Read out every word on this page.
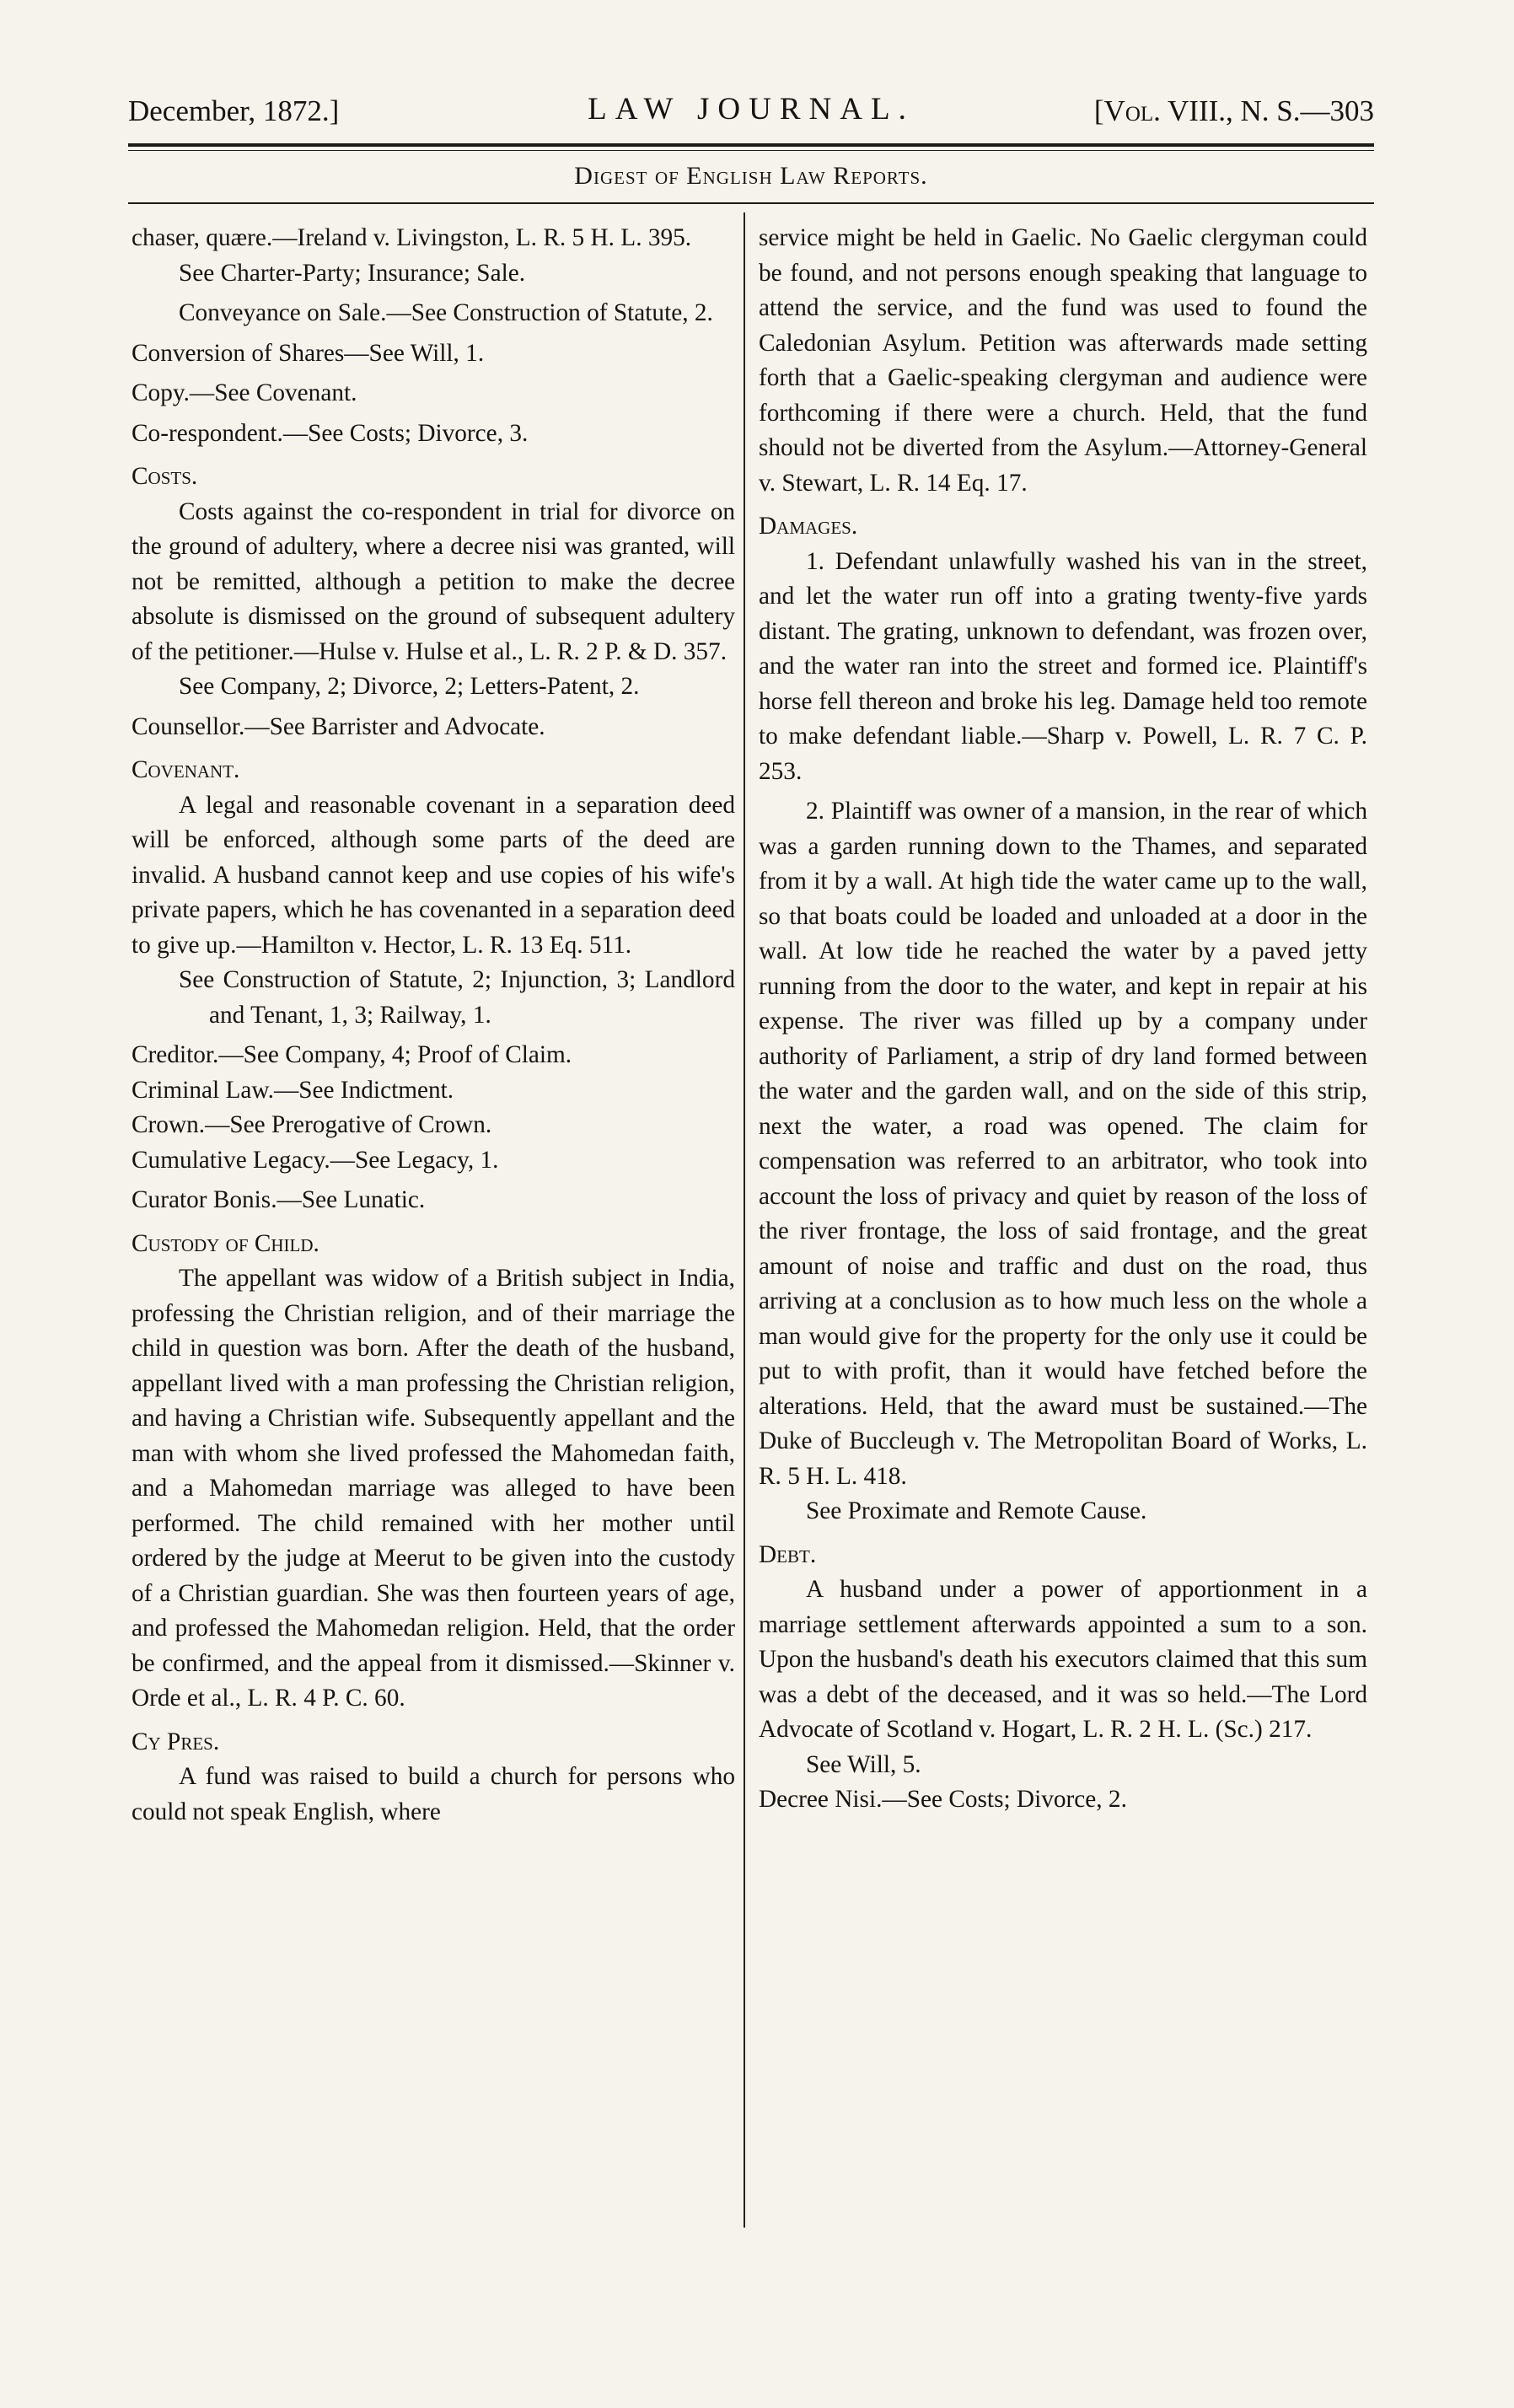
December, 1872.]	LAW JOURNAL.	[Vol. VIII., N. S.—303
Digest of English Law Reports.

chaser, quære.—Ireland v. Livingston, L. R. 5 H. L. 395.

See Charter-Party; Insurance; Sale.

Conveyance on Sale.—See Construction of Statute, 2.

Conversion of Shares—See Will, 1.

Copy.—See Covenant.

Co-respondent.—See Costs; Divorce, 3.

Costs.

Costs against the co-respondent in trial for divorce on the ground of adultery, where a decree nisi was granted, will not be remitted, although a petition to make the decree absolute is dismissed on the ground of subsequent adultery of the petitioner.—Hulse v. Hulse et al., L. R. 2 P. & D. 357.

See Company, 2; Divorce, 2; Letters-Patent, 2.

Counsellor.—See Barrister and Advocate.

Covenant.

A legal and reasonable covenant in a separation deed will be enforced, although some parts of the deed are invalid. A husband cannot keep and use copies of his wife's private papers, which he has covenanted in a separation deed to give up.—Hamilton v. Hector, L. R. 13 Eq. 511.

See Construction of Statute, 2; Injunction, 3; Landlord and Tenant, 1, 3; Railway, 1.

Creditor.—See Company, 4; Proof of Claim.

Criminal Law.—See Indictment.

Crown.—See Prerogative of Crown.

Cumulative Legacy.—See Legacy, 1.

Curator Bonis.—See Lunatic.

Custody of Child.

The appellant was widow of a British subject in India, professing the Christian religion, and of their marriage the child in question was born. After the death of the husband, appellant lived with a man professing the Christian religion, and having a Christian wife. Subsequently appellant and the man with whom she lived professed the Mahomedan faith, and a Mahomedan marriage was alleged to have been performed. The child remained with her mother until ordered by the judge at Meerut to be given into the custody of a Christian guardian. She was then fourteen years of age, and professed the Mahomedan religion. Held, that the order be confirmed, and the appeal from it dismissed.—Skinner v. Orde et al., L. R. 4 P. C. 60.

Cy Pres.

A fund was raised to build a church for persons who could not speak English, where

service might be held in Gaelic. No Gaelic clergyman could be found, and not persons enough speaking that language to attend the service, and the fund was used to found the Caledonian Asylum. Petition was afterwards made setting forth that a Gaelic-speaking clergyman and audience were forthcoming if there were a church. Held, that the fund should not be diverted from the Asylum.—Attorney-General v. Stewart, L. R. 14 Eq. 17.

Damages.

1. Defendant unlawfully washed his van in the street, and let the water run off into a grating twenty-five yards distant. The grating, unknown to defendant, was frozen over, and the water ran into the street and formed ice. Plaintiff's horse fell thereon and broke his leg. Damage held too remote to make defendant liable.—Sharp v. Powell, L. R. 7 C. P. 253.

2. Plaintiff was owner of a mansion, in the rear of which was a garden running down to the Thames, and separated from it by a wall. At high tide the water came up to the wall, so that boats could be loaded and unloaded at a door in the wall. At low tide he reached the water by a paved jetty running from the door to the water, and kept in repair at his expense. The river was filled up by a company under authority of Parliament, a strip of dry land formed between the water and the garden wall, and on the side of this strip, next the water, a road was opened. The claim for compensation was referred to an arbitrator, who took into account the loss of privacy and quiet by reason of the loss of the river frontage, the loss of said frontage, and the great amount of noise and traffic and dust on the road, thus arriving at a conclusion as to how much less on the whole a man would give for the property for the only use it could be put to with profit, than it would have fetched before the alterations. Held, that the award must be sustained.—The Duke of Buccleugh v. The Metropolitan Board of Works, L. R. 5 H. L. 418.

See Proximate and Remote Cause.

Debt.

A husband under a power of apportionment in a marriage settlement afterwards appointed a sum to a son. Upon the husband's death his executors claimed that this sum was a debt of the deceased, and it was so held.—The Lord Advocate of Scotland v. Hogart, L. R. 2 H. L. (Sc.) 217.

See Will, 5.

Decree Nisi.—See Costs; Divorce, 2.
